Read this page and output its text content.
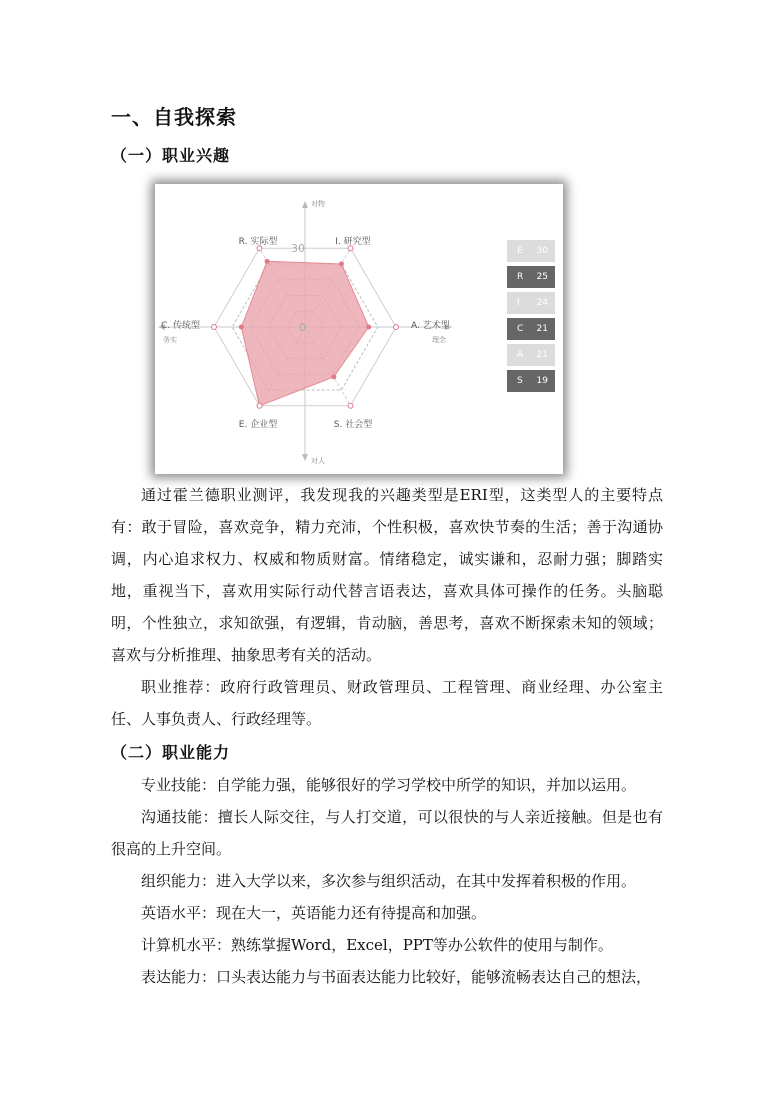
一、自我探索
（一）职业兴趣
R. 实际型	I. 研究型
A. 艺术型
S. 社会型
E. 企业型
C. 传统型
30
0
对物
对人
务实	理念
E 30
R 25
I 24
C 21
A 21
S 19

通过霍兰德职业测评，我发现我的兴趣类型是ERI型，这类型人的主要特点有：敢于冒险，喜欢竞争，精力充沛，个性积极，喜欢快节奏的生活；善于沟通协调，内心追求权力、权威和物质财富。情绪稳定，诚实谦和，忍耐力强；脚踏实地，重视当下，喜欢用实际行动代替言语表达，喜欢具体可操作的任务。头脑聪明，个性独立，求知欲强，有逻辑，肯动脑，善思考，喜欢不断探索未知的领域；喜欢与分析推理、抽象思考有关的活动。

职业推荐：政府行政管理员、财政管理员、工程管理、商业经理、办公室主任、人事负责人、行政经理等。

（二）职业能力

专业技能：自学能力强，能够很好的学习学校中所学的知识，并加以运用。

沟通技能：擅长人际交往，与人打交道，可以很快的与人亲近接触。但是也有很高的上升空间。

组织能力：进入大学以来，多次参与组织活动，在其中发挥着积极的作用。

英语水平：现在大一，英语能力还有待提高和加强。

计算机水平：熟练掌握Word，Excel，PPT等办公软件的使用与制作。

表达能力：口头表达能力与书面表达能力比较好，能够流畅表达自己的想法，
